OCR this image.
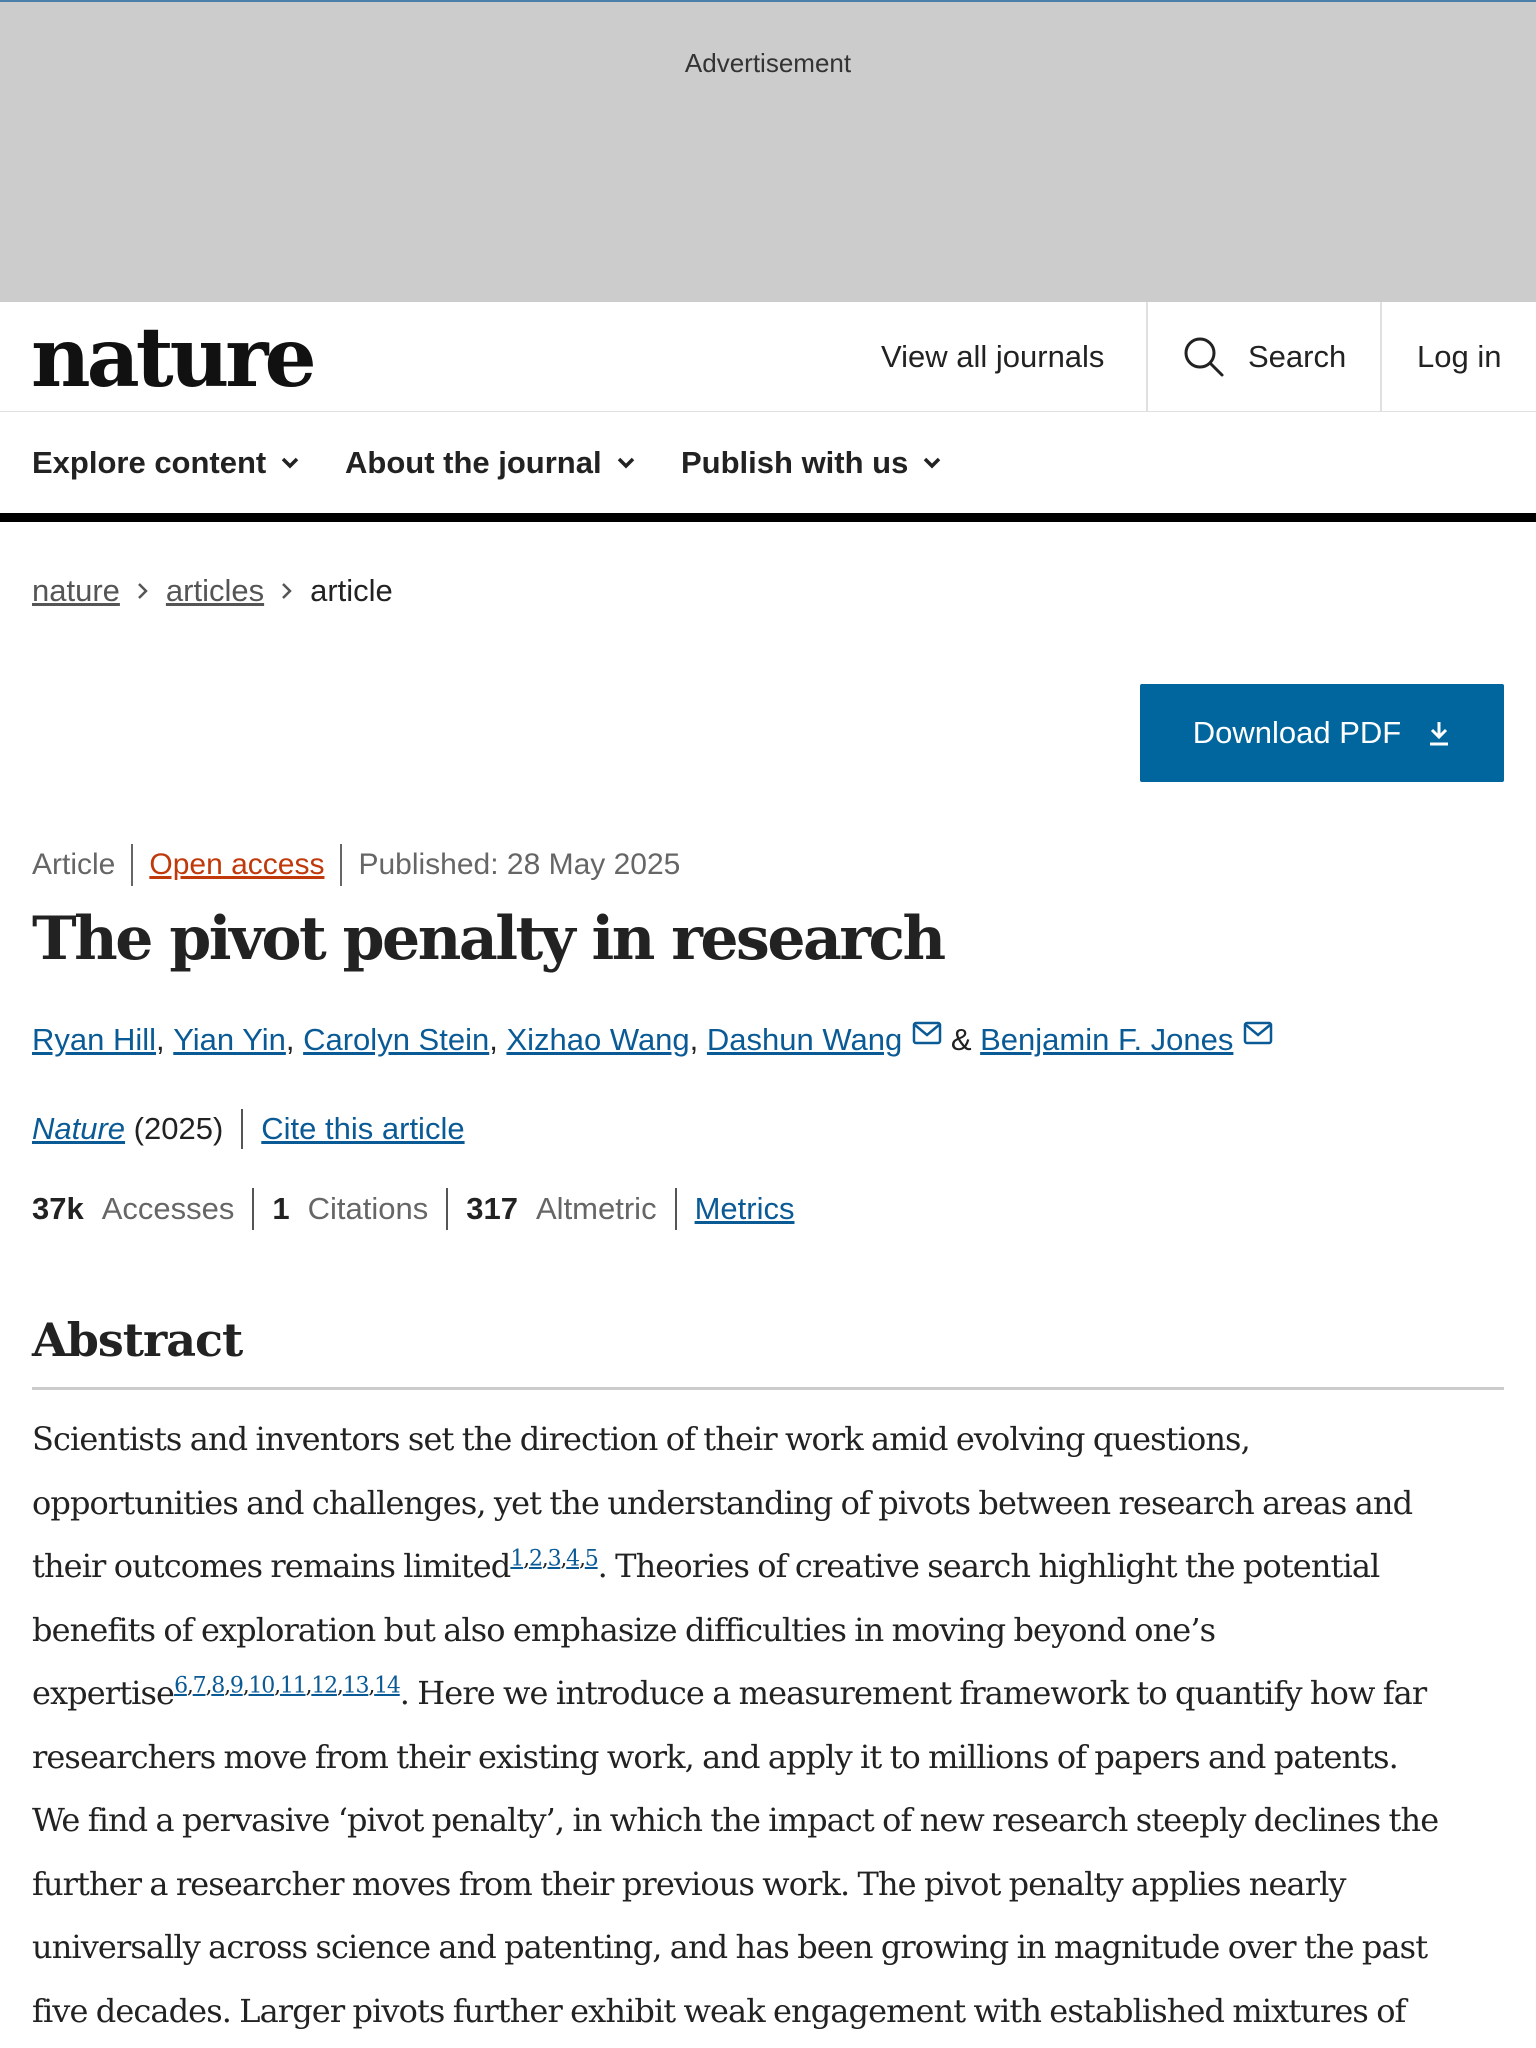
Advertisement
nature	View all journals	Search Log in
Explore content	About the journal	Publish with us
nature articles article
Download PDF
Article Open access Published: 28 May 2025
The pivot penalty in research
Ryan Hill , Yian Yin , Carolyn Stein , Xizhao Wang , Dashun Wang & Benjamin F. Jones
Nature (2025) Cite this article
37k Accesses 1 Citations 317 Altmetric Metrics
Abstract
Scientists and inventors set the direction of their work amid evolving questions,
opportunities and challenges, yet the understanding of pivots between research areas and
their outcomes remains limited$^{1,2,3,4,5}$. Theories of creative search highlight the potential
benefits of exploration but also emphasize difficulties in moving beyond one’s
expertise$^{6,7,8,9,10,11,12,13,14}$. Here we introduce a measurement framework to quantify how far
researchers move from their existing work, and apply it to millions of papers and patents.
We find a pervasive ‘pivot penalty’, in which the impact of new research steeply declines the
further a researcher moves from their previous work. The pivot penalty applies nearly
universally across science and patenting, and has been growing in magnitude over the past
five decades. Larger pivots further exhibit weak engagement with established mixtures of
